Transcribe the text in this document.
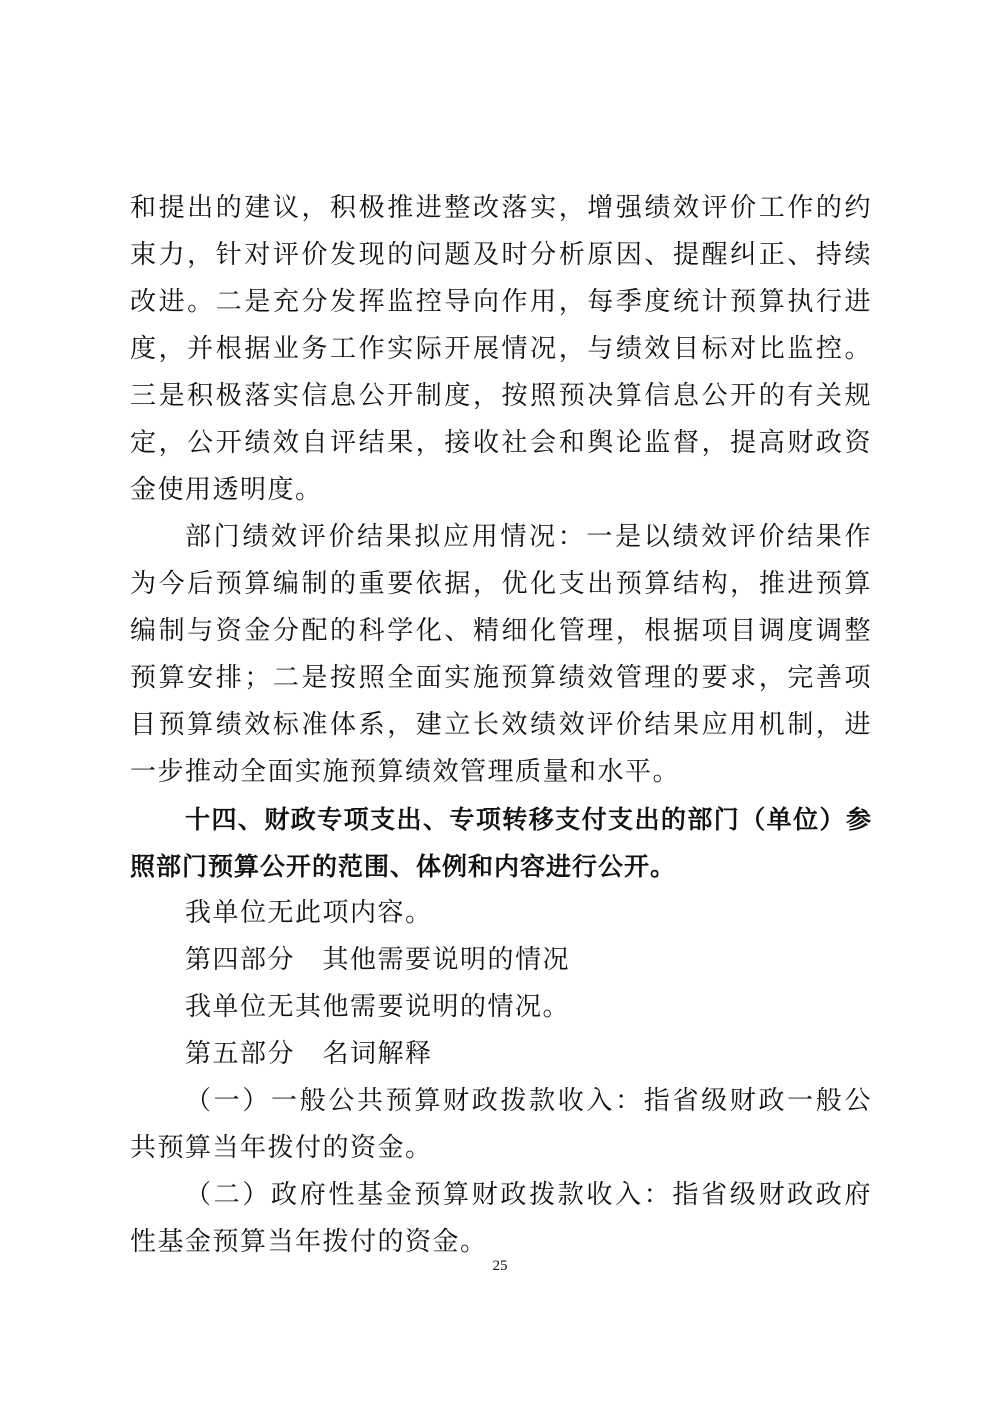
和提出的建议，积极推进整改落实，增强绩效评价工作的约束力，针对评价发现的问题及时分析原因、提醒纠正、持续改进。二是充分发挥监控导向作用，每季度统计预算执行进度，并根据业务工作实际开展情况，与绩效目标对比监控。三是积极落实信息公开制度，按照预决算信息公开的有关规定，公开绩效自评结果，接收社会和舆论监督，提高财政资金使用透明度。

部门绩效评价结果拟应用情况：一是以绩效评价结果作为今后预算编制的重要依据，优化支出预算结构，推进预算编制与资金分配的科学化、精细化管理，根据项目调度调整预算安排；二是按照全面实施预算绩效管理的要求，完善项目预算绩效标准体系，建立长效绩效评价结果应用机制，进一步推动全面实施预算绩效管理质量和水平。

十四、财政专项支出、专项转移支付支出的部门（单位）参照部门预算公开的范围、体例和内容进行公开。

我单位无此项内容。

第四部分　其他需要说明的情况

我单位无其他需要说明的情况。

第五部分　名词解释

（一）一般公共预算财政拨款收入：指省级财政一般公共预算当年拨付的资金。

（二）政府性基金预算财政拨款收入：指省级财政政府性基金预算当年拨付的资金。

25
